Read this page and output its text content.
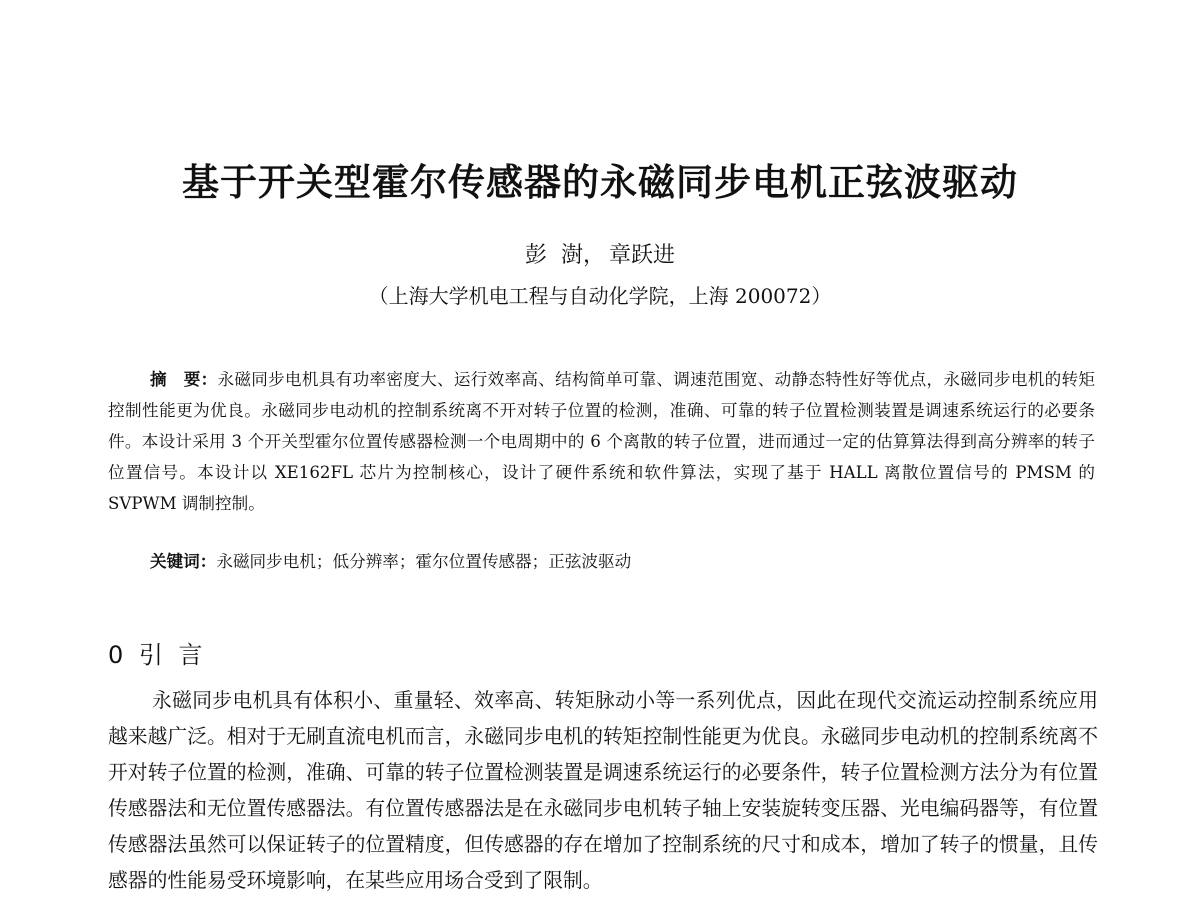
基于开关型霍尔传感器的永磁同步电机正弦波驱动
彭  澍， 章跃进
（上海大学机电工程与自动化学院，上海 200072）

摘　要：永磁同步电机具有功率密度大、运行效率高、结构简单可靠、调速范围宽、动静态特性好等优点，永磁同步电机的转矩控制性能更为优良。永磁同步电动机的控制系统离不开对转子位置的检测，准确、可靠的转子位置检测装置是调速系统运行的必要条件。本设计采用 3 个开关型霍尔位置传感器检测一个电周期中的 6 个离散的转子位置，进而通过一定的估算算法得到高分辨率的转子位置信号。本设计以 XE162FL 芯片为控制核心，设计了硬件系统和软件算法，实现了基于 HALL 离散位置信号的 PMSM 的 SVPWM 调制控制。

关键词：永磁同步电机；低分辨率；霍尔位置传感器；正弦波驱动
0 引 言

永磁同步电机具有体积小、重量轻、效率高、转矩脉动小等一系列优点，因此在现代交流运动控制系统应用越来越广泛。相对于无刷直流电机而言，永磁同步电机的转矩控制性能更为优良。永磁同步电动机的控制系统离不开对转子位置的检测，准确、可靠的转子位置检测装置是调速系统运行的必要条件，转子位置检测方法分为有位置传感器法和无位置传感器法。有位置传感器法是在永磁同步电机转子轴上安装旋转变压器、光电编码器等，有位置传感器法虽然可以保证转子的位置精度，但传感器的存在增加了控制系统的尺寸和成本，增加了转子的惯量，且传感器的性能易受环境影响，在某些应用场合受到了限制。
